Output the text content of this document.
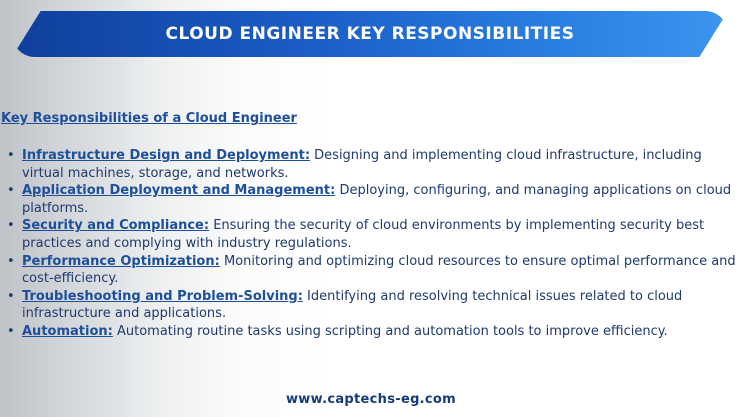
CLOUD ENGINEER KEY RESPONSIBILITIES
Key Responsibilities of a Cloud Engineer
• Infrastructure Design and Deployment: Designing and implementing cloud infrastructure, including virtual machines, storage, and networks.
• Application Deployment and Management: Deploying, configuring, and managing applications on cloud platforms.
• Security and Compliance: Ensuring the security of cloud environments by implementing security best practices and complying with industry regulations.
• Performance Optimization: Monitoring and optimizing cloud resources to ensure optimal performance and cost-efficiency.
• Troubleshooting and Problem-Solving: Identifying and resolving technical issues related to cloud infrastructure and applications.
• Automation: Automating routine tasks using scripting and automation tools to improve efficiency.
www.captechs-eg.com
